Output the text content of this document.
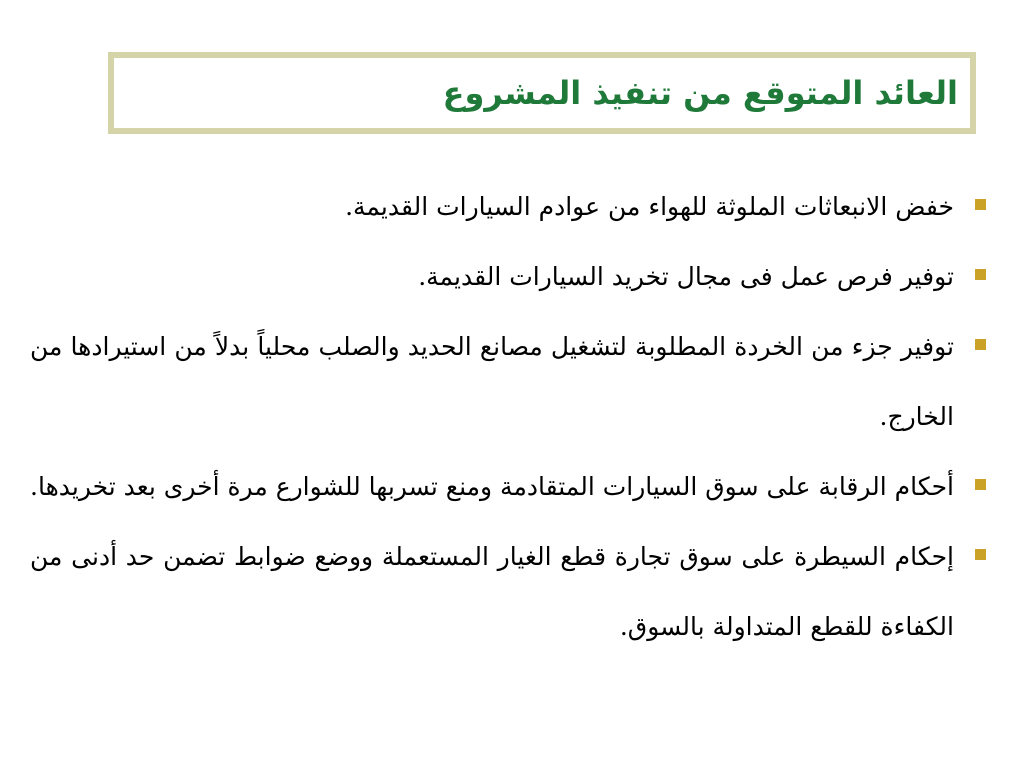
العائد المتوقع من تنفيذ المشروع
خفض الانبعاثات الملوثة للهواء من عوادم السيارات القديمة.
توفير فرص عمل فى مجال تخريد السيارات القديمة.
توفير جزء من الخردة المطلوبة لتشغيل مصانع الحديد والصلب محلياً بدلاً من استيرادها من الخارج.
أحكام الرقابة على سوق السيارات المتقادمة ومنع تسربها للشوارع مرة أخرى بعد تخريدها.
إحكام السيطرة على سوق تجارة قطع الغيار المستعملة ووضع ضوابط تضمن حد أدنى من الكفاءة للقطع المتداولة بالسوق.
